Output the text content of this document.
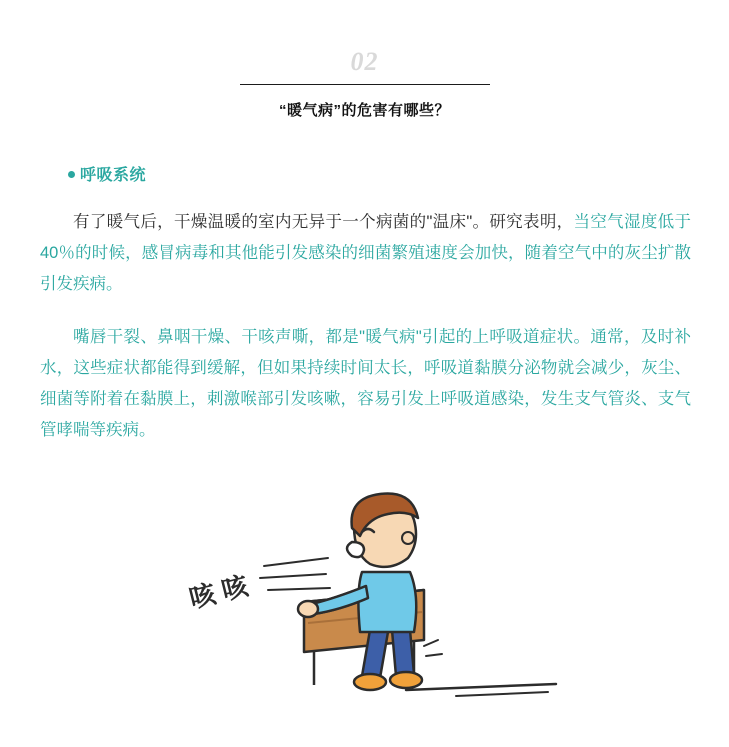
02
“暖气病”的危害有哪些？
呼吸系统

有了暖气后，干燥温暖的室内无异于一个病菌的"温床"。研究表明，当空气湿度低于40％的时候，感冒病毒和其他能引发感染的细菌繁殖速度会加快，随着空气中的灰尘扩散引发疾病。

嘴唇干裂、鼻咽干燥、干咳声嘶，都是"暖气病"引起的上呼吸道症状。通常，及时补水，这些症状都能得到缓解，但如果持续时间太长，呼吸道黏膜分泌物就会减少，灰尘、细菌等附着在黏膜上，刺激喉部引发咳嗽，容易引发上呼吸道感染，发生支气管炎、支气管哮喘等疾病。

咳 咳
